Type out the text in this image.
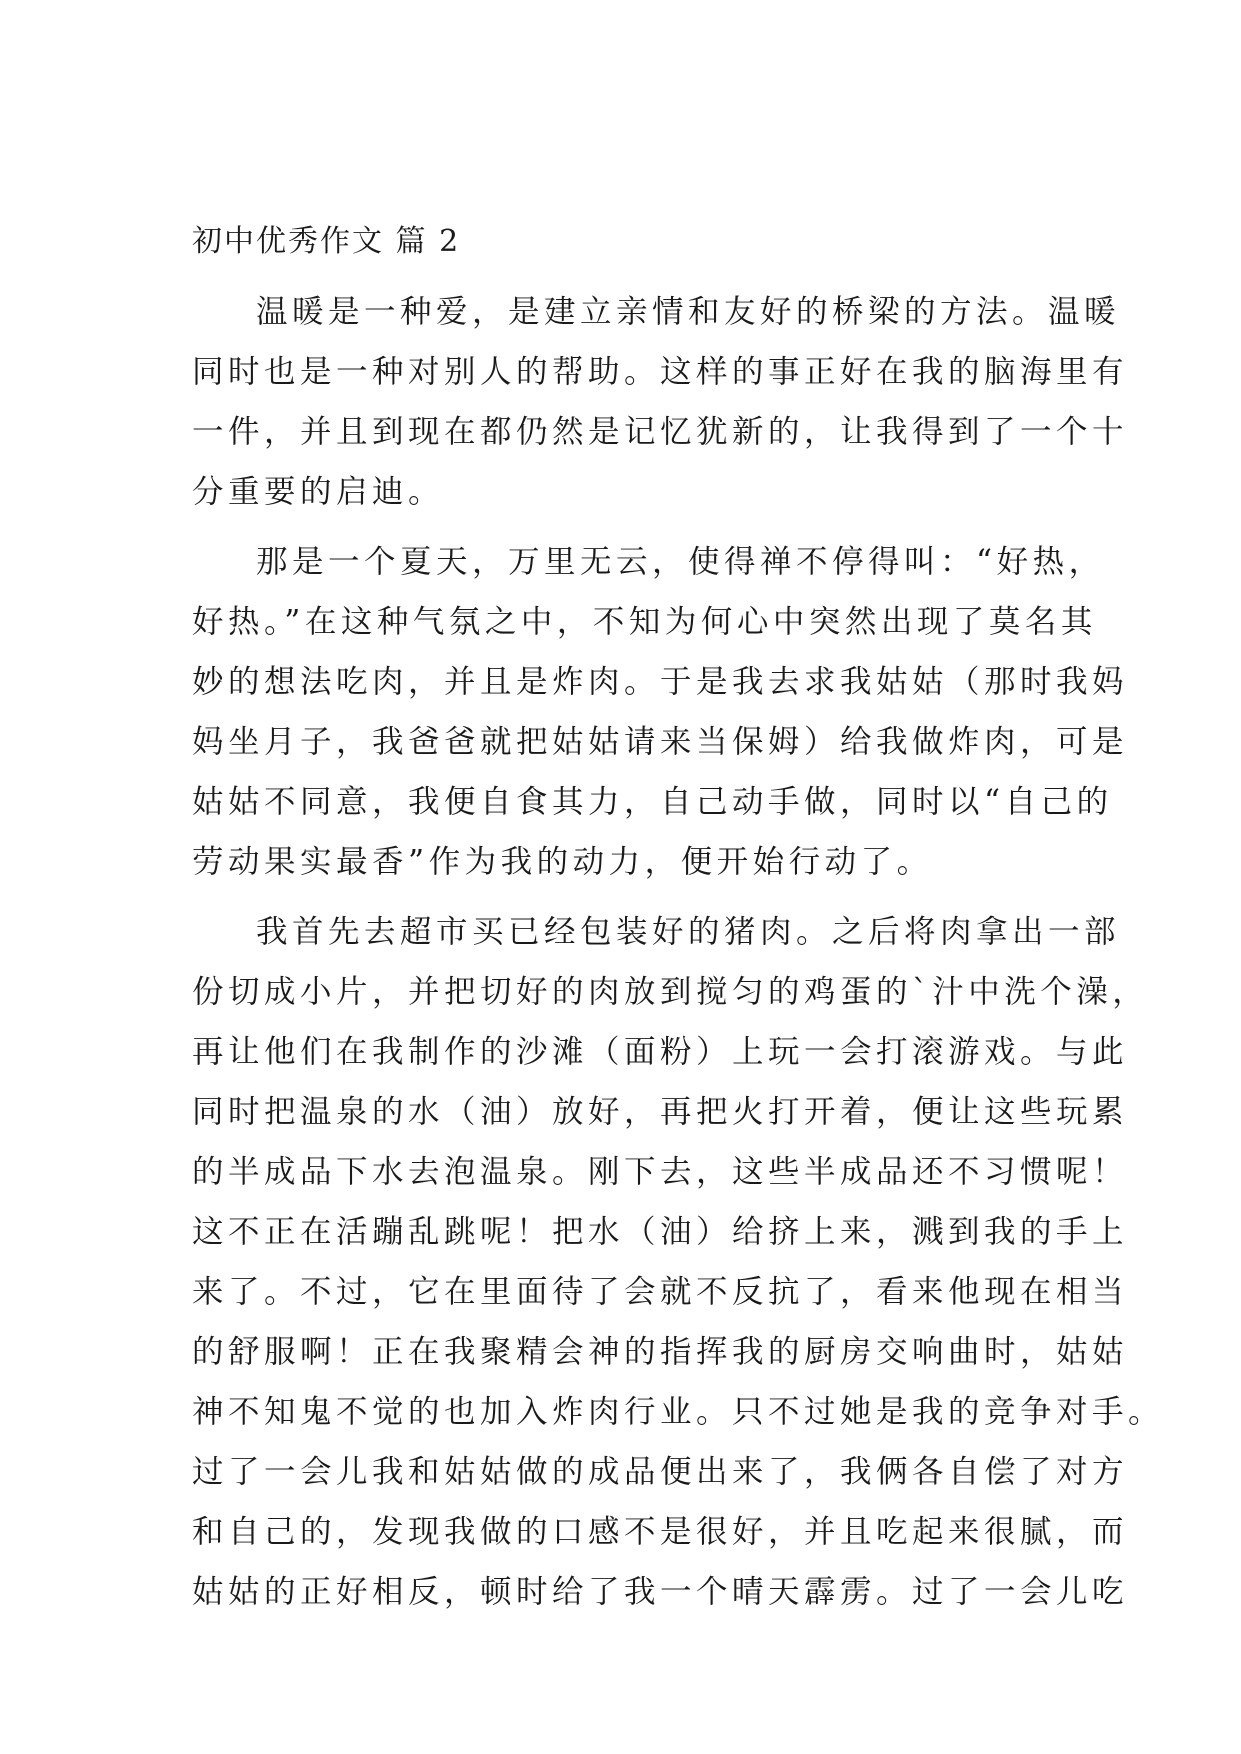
初中优秀作文 篇 2
温暖是一种爱，是建立亲情和友好的桥梁的方法。温暖
同时也是一种对别人的帮助。这样的事正好在我的脑海里有
一件，并且到现在都仍然是记忆犹新的，让我得到了一个十
分重要的启迪。
那是一个夏天，万里无云，使得禅不停得叫：“好热，
好热。”在这种气氛之中，不知为何心中突然出现了莫名其
妙的想法吃肉，并且是炸肉。于是我去求我姑姑（那时我妈
妈坐月子，我爸爸就把姑姑请来当保姆）给我做炸肉，可是
姑姑不同意，我便自食其力，自己动手做，同时以“自己的
劳动果实最香”作为我的动力，便开始行动了。
我首先去超市买已经包装好的猪肉。之后将肉拿出一部
份切成小片，并把切好的肉放到搅匀的鸡蛋的`汁中洗个澡，
再让他们在我制作的沙滩（面粉）上玩一会打滚游戏。与此
同时把温泉的水（油）放好，再把火打开着，便让这些玩累
的半成品下水去泡温泉。刚下去，这些半成品还不习惯呢！
这不正在活蹦乱跳呢！把水（油）给挤上来，溅到我的手上
来了。不过，它在里面待了会就不反抗了，看来他现在相当
的舒服啊！正在我聚精会神的指挥我的厨房交响曲时，姑姑
神不知鬼不觉的也加入炸肉行业。只不过她是我的竞争对手。
过了一会儿我和姑姑做的成品便出来了，我俩各自偿了对方
和自己的，发现我做的口感不是很好，并且吃起来很腻，而
姑姑的正好相反，顿时给了我一个晴天霹雳。过了一会儿吃
